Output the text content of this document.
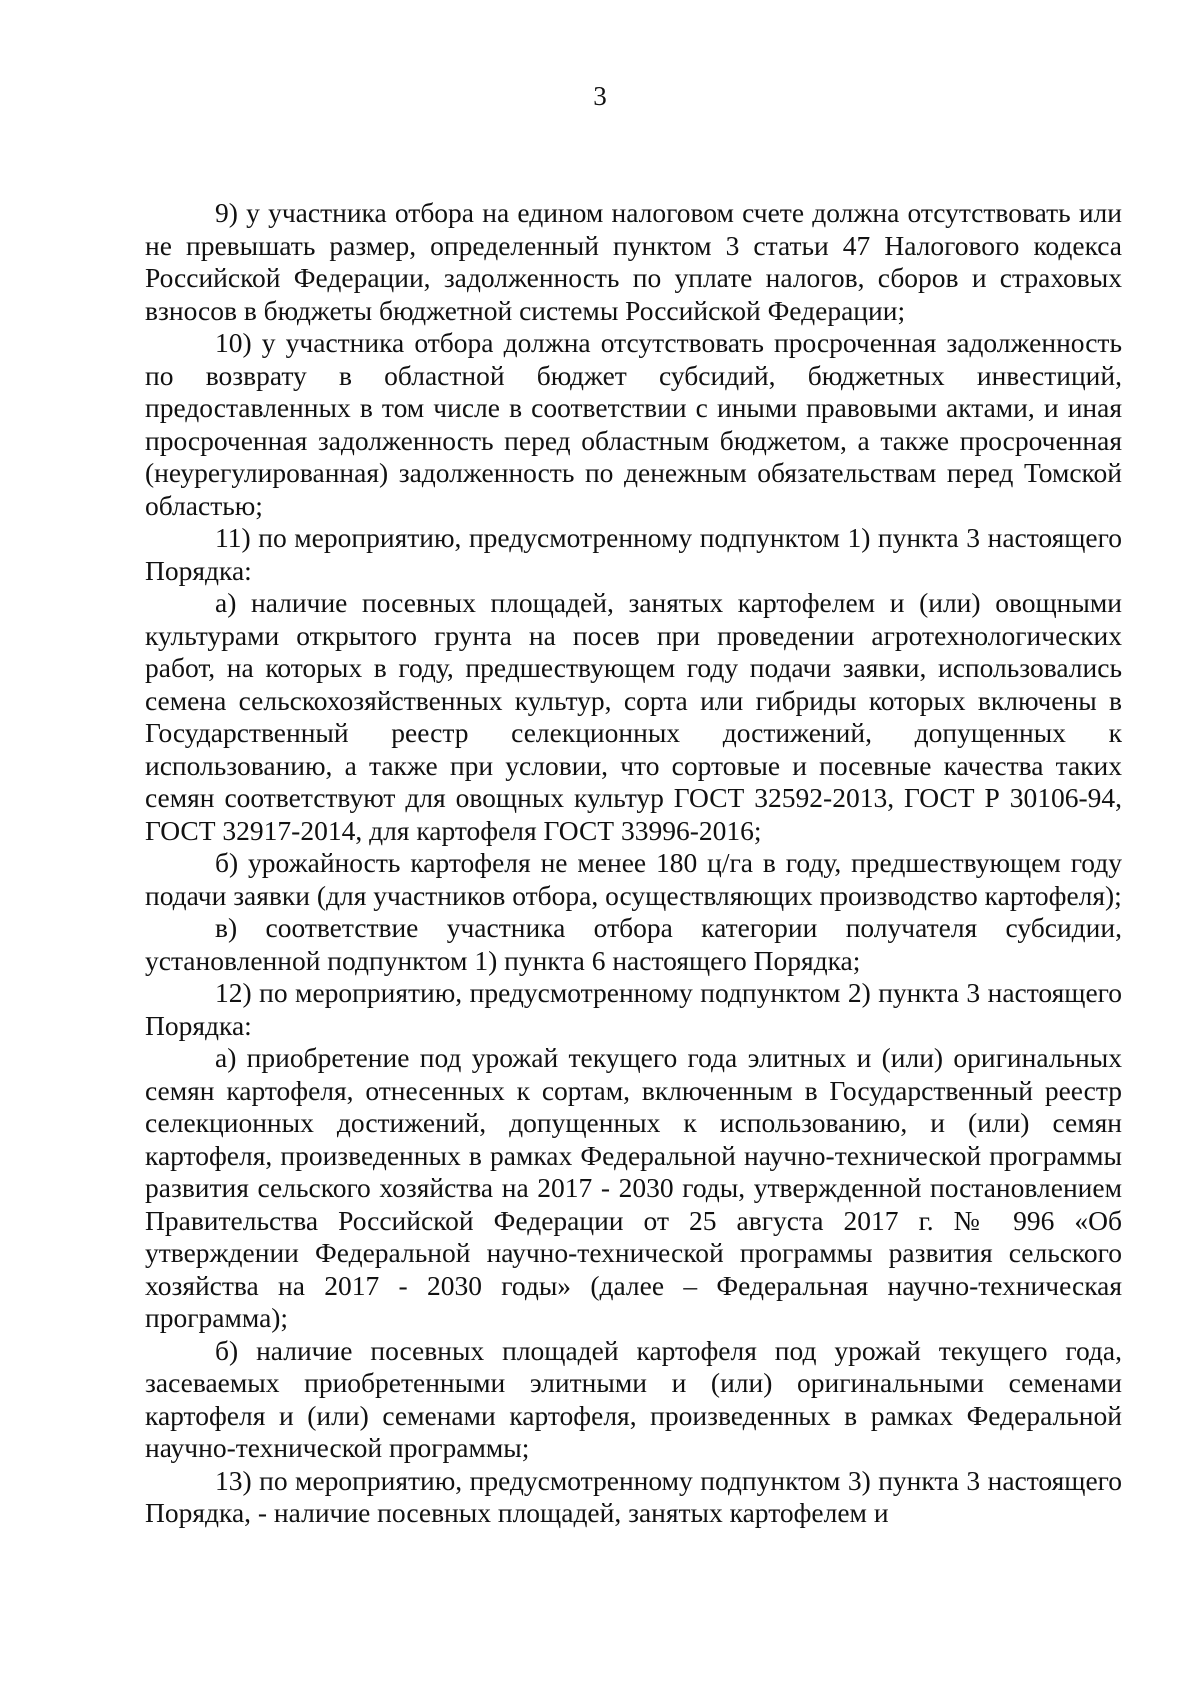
3

9) у участника отбора на едином налоговом счете должна отсутствовать или не превышать размер, определенный пунктом 3 статьи 47 Налогового кодекса Российской Федерации, задолженность по уплате налогов, сборов и страховых взносов в бюджеты бюджетной системы Российской Федерации;

10) у участника отбора должна отсутствовать просроченная задолженность по возврату в областной бюджет субсидий, бюджетных инвестиций, предоставленных в том числе в соответствии с иными правовыми актами, и иная просроченная задолженность перед областным бюджетом, а также просроченная (неурегулированная) задолженность по денежным обязательствам перед Томской областью;

11) по мероприятию, предусмотренному подпунктом 1) пункта 3 настоящего Порядка:

а) наличие посевных площадей, занятых картофелем и (или) овощными культурами открытого грунта на посев при проведении агротехнологических работ, на которых в году, предшествующем году подачи заявки, использовались семена сельскохозяйственных культур, сорта или гибриды которых включены в Государственный реестр селекционных достижений, допущенных к использованию, а также при условии, что сортовые и посевные качества таких семян соответствуют для овощных культур ГОСТ 32592-2013, ГОСТ Р 30106-94, ГОСТ 32917-2014, для картофеля ГОСТ 33996-2016;

б) урожайность картофеля не менее 180 ц/га в году, предшествующем году подачи заявки (для участников отбора, осуществляющих производство картофеля);

в) соответствие участника отбора категории получателя субсидии, установленной подпунктом 1) пункта 6 настоящего Порядка;

12) по мероприятию, предусмотренному подпунктом 2) пункта 3 настоящего Порядка:

а) приобретение под урожай текущего года элитных и (или) оригинальных семян картофеля, отнесенных к сортам, включенным в Государственный реестр селекционных достижений, допущенных к использованию, и (или) семян картофеля, произведенных в рамках Федеральной научно-технической программы развития сельского хозяйства на 2017 - 2030 годы, утвержденной постановлением Правительства Российской Федерации от 25 августа 2017 г. № 996 «Об утверждении Федеральной научно-технической программы развития сельского хозяйства на 2017 - 2030 годы» (далее – Федеральная научно-техническая программа);

б) наличие посевных площадей картофеля под урожай текущего года, засеваемых приобретенными элитными и (или) оригинальными семенами картофеля и (или) семенами картофеля, произведенных в рамках Федеральной научно-технической программы;

13) по мероприятию, предусмотренному подпунктом 3) пункта 3 настоящего Порядка, - наличие посевных площадей, занятых картофелем и
